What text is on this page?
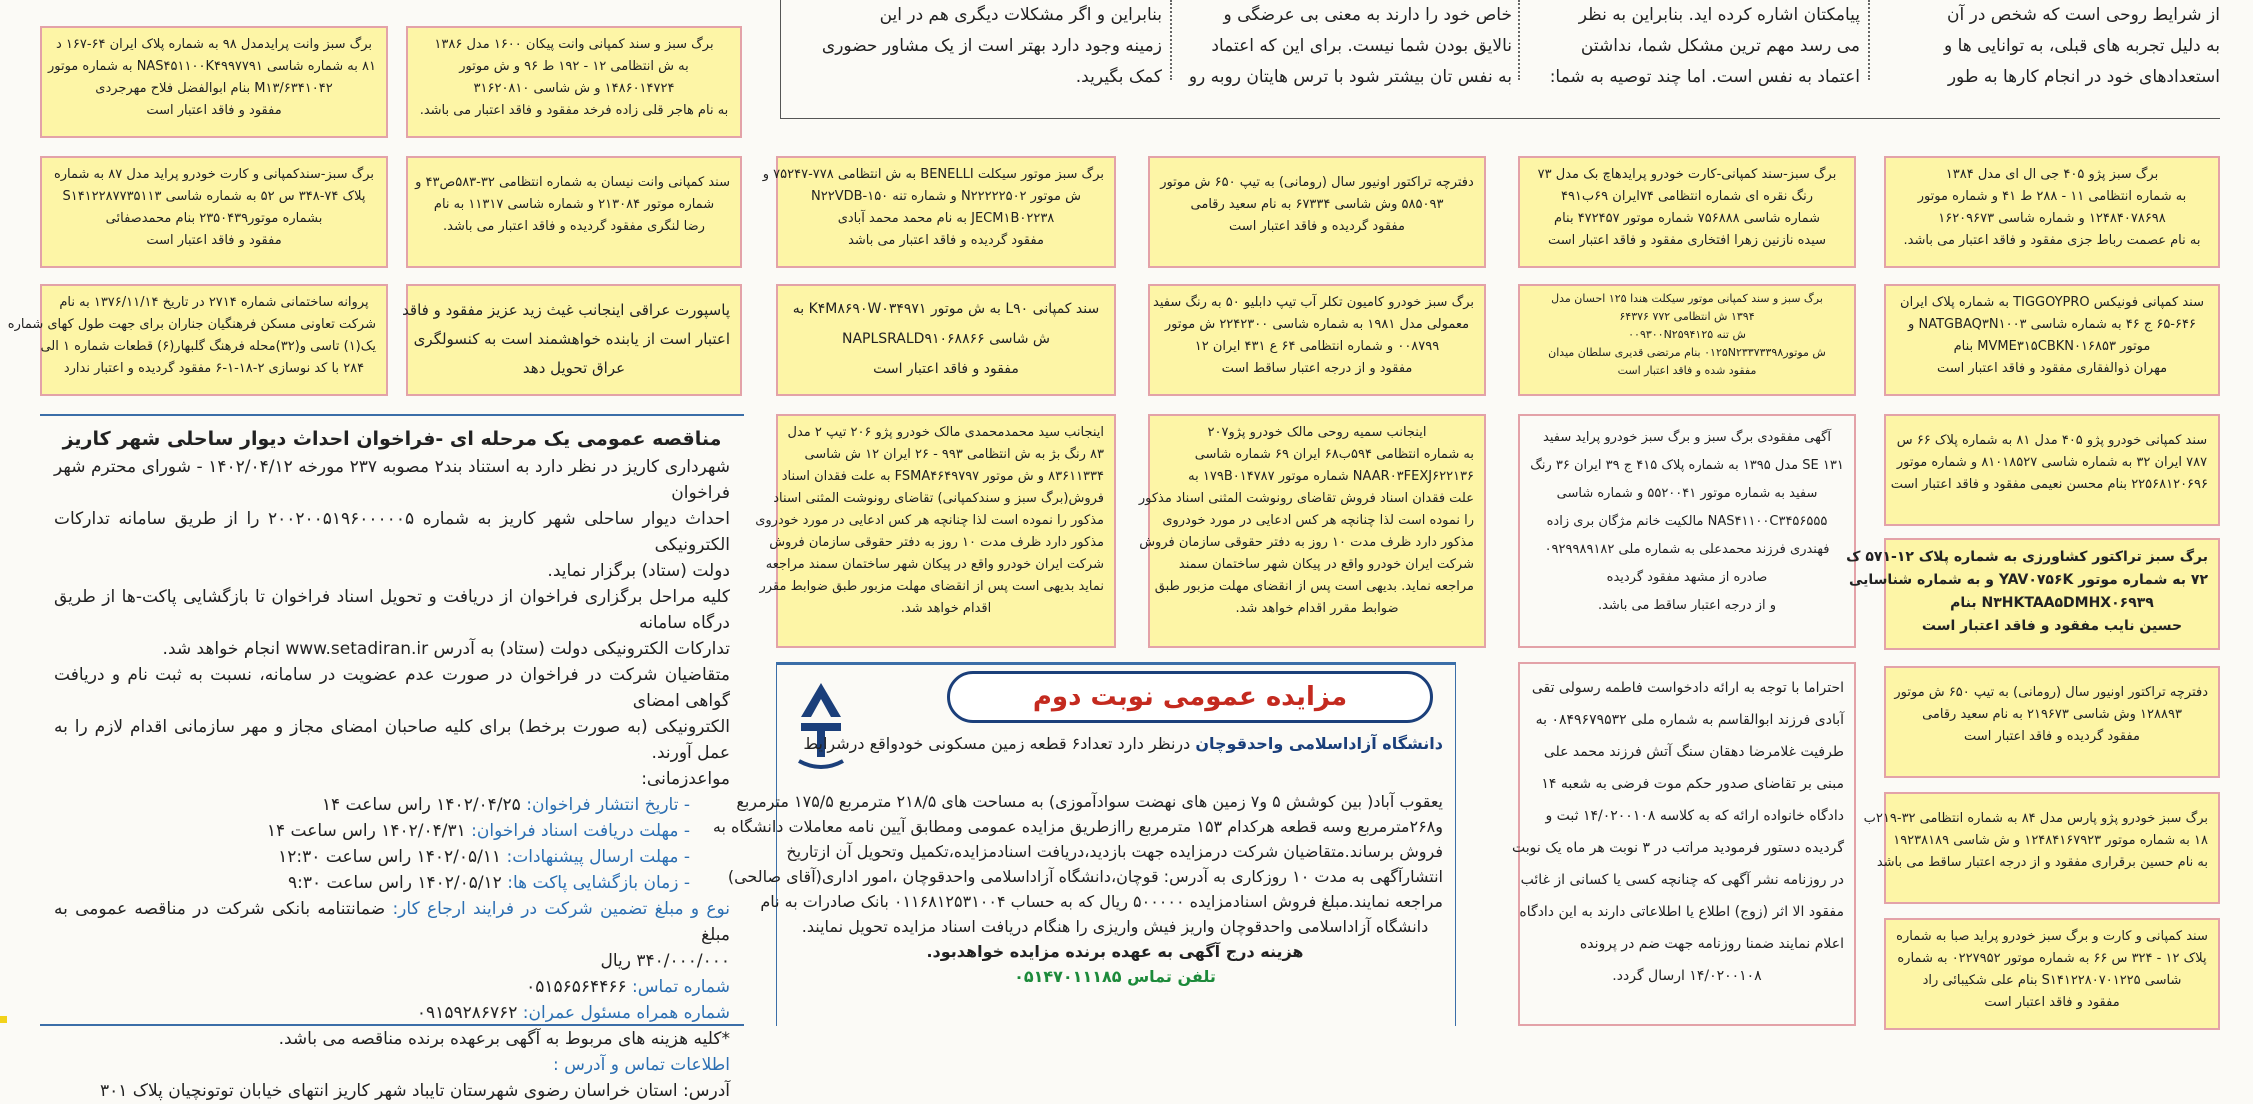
از شرایط روحی است که شخص در آن
به دلیل تجربه های قبلی، به توانایی ها و
استعدادهای خود در انجام کارها به طور
پیامکتان اشاره کرده اید. بنابراین به نظر
می رسد مهم ترین مشکل شما، نداشتن
اعتماد به نفس است. اما چند توصیه به شما:
خاص خود را دارند به معنی بی عرضگی و
نالایق بودن شما نیست. برای این که اعتماد
به نفس تان بیشتر شود با ترس هایتان روبه رو
بنابراین و اگر مشکلات دیگری هم در این
زمینه وجود دارد بهتر است از یک مشاور حضوری
کمک بگیرید.
برگ سبز وانت پرایدمدل ۹۸ به شماره پلاک ایران ۶۴-۱۶۷ د
۸۱ به شماره شاسی NAS۴۵۱۱۰۰K۴۹۹۷۷۹۱ به شماره موتور
M۱۳/۶۳۴۱۰۴۲ بنام ابوالفضل فلاح مهرجردی
مفقود و فاقد اعتبار است
برگ سبز و سند کمپانی وانت پیکان ۱۶۰۰ مدل ۱۳۸۶
به ش انتظامی ۱۲ - ۱۹۲ ط ۹۶ و ش موتور
۱۴۸۶۰۱۴۷۲۴ و ش شاسی ۳۱۶۲۰۸۱۰
به نام هاجر قلی زاده فرخد مفقود و فاقد اعتبار می باشد.
برگ سبز-سندکمپانی و کارت خودرو پراید مدل ۸۷ به شماره
پلاک ۷۴-۳۴۸ س ۵۲ به شماره شاسی S۱۴۱۲۲۸۷۷۳۵۱۱۳
بشماره موتور۲۳۵۰۴۳۹ بنام محمدصفائی
مفقود و فاقد اعتبار است
سند کمپانی وانت نیسان به شماره انتظامی ۳۲-۵۸۳ص۴۳ و
شماره موتور ۲۱۳۰۸۴ و شماره شاسی ۱۱۳۱۷ به نام
رضا لنگری مفقود گردیده و فاقد اعتبار می باشد.
پروانه ساختمانی شماره ۲۷۱۴ در تاریخ ۱۳۷۶/۱۱/۱۴ به نام
شرکت تعاونی مسکن فرهنگیان جناران برای جهت طول کهای شماره
یک(۱) تاسی و(۳۲)محله فرهنگ گلبهار(۶) قطعات شماره ۱ الی
۲۸۴ با کد نوسازی ۲-۱۸-۱-۶ مفقود گردیده و اعتبار ندارد
پاسپورت عراقی اینجانب غیث زید عزیز مفقود و فاقد
اعتبار است از یابنده خواهشمند است به کنسولگری
عراق تحویل دهد
برگ سبز موتور سیکلت BENELLI به ش انتظامی ۷۷۸-۷۵۲۴۷ و
ش موتور N۲۲۲۲۲۵۰۲ و شماره تنه N۲۲VDB-۱۵۰
JECM۱B۰۲۲۳۸ به نام محمد محمد آبادی
مفقود گردیده و فاقد اعتبار می باشد
دفترچه تراکتور اونیور سال (رومانی) به تیپ ۶۵۰ ش موتور
۵۸۵۰۹۳ وش شاسی ۶۷۳۳۴ به نام سعید رقامی
مفقود گردیده و فاقد اعتبار است
برگ سبز-سند کمپانی-کارت خودرو پرایدهاچ بک مدل ۷۳
رنگ نقره ای شماره انتظامی ۷۴ایران ۶۹ب۴۹۱
شماره شاسی ۷۵۶۸۸۸ شماره موتور ۴۷۲۴۵۷ بنام
سیده نازنین زهرا افتخاری مفقود و فاقد اعتبار است
برگ سبز پژو ۴۰۵ جی ال ای مدل ۱۳۸۴
به شماره انتظامی ۱۱ - ۲۸۸ ط ۴۱ و شماره موتور
۱۲۴۸۴۰۷۸۶۹۸ و شماره شاسی ۱۶۲۰۹۶۷۳
به نام عصمت رباط جزی مفقود و فاقد اعتبار می باشد.
سند کمپانی L۹۰ به ش موتور K۴M۸۶۹۰W۰۳۴۹۷۱ به
ش شاسی NAPLSRALD۹۱۰۶۸۸۶۶
مفقود و فاقد اعتبار است
برگ سبز خودرو کامیون تکلر آب تیپ دابلیو ۵۰ به رنگ سفید
معمولی مدل ۱۹۸۱ به شماره شاسی ۲۲۴۲۳۰۰ ش موتور
۰۰۸۷۹۹ و شماره انتظامی ۶۴ ع ۴۳۱ ایران ۱۲
مفقود و از درجه اعتبار ساقط است
برگ سبز و سند کمپانی موتور سیکلت هندا ۱۲۵ احسان مدل
۱۳۹۴ ش انتظامی ۷۷۲ ۶۴۳۷۶
ش تنه ۰۰۹۳۰۰N۲۵۹۴۱۲۵
ش موتور۰۱۲۵N۲۳۳۷۳۳۹۸ بنام مرتضی قدیری سلطان میدان
مفقود شده و فاقد اعتبار است
سند کمپانی فونیکس TIGGOYPRO به شماره پلاک ایران
۶۵-۶۴۶ ج ۴۶ به شماره شاسی NATGBAQ۳N۱۰۰۳ و
موتور MVME۳۱۵CBKN۰۱۶۸۵۳ بنام
مهران ذوالفقاری مفقود و فاقد اعتبار است
اینجانب سید محمدمحمدی مالک خودرو پژو ۲۰۶ تیپ ۲ مدل
۸۳ رنگ بژ به ش انتظامی ۹۹۳ - ۲۶ ایران ۱۲ ش شاسی
۸۳۶۱۱۳۳۴ و ش موتور FSMA۴۶۴۹۷۹۷ به علت فقدان اسناد
فروش(برگ سبز و سندکمپانی) تقاضای رونوشت المثنی اسناد
مذکور را نموده است لذا چنانچه هر کس ادعایی در مورد خودروی
مذکور دارد ظرف مدت ۱۰ روز به دفتر حقوقی سازمان فروش
شرکت ایران خودرو واقع در پیکان شهر ساختمان سمند مراجعه
نماید بدیهی است پس از انقضای مهلت مزبور طبق ضوابط مقرر
اقدام خواهد شد.
اینجانب سمیه روحی مالک خودرو پژو۲۰۷
به شماره انتظامی ۵۹۴ب۶۸ ایران ۶۹ شماره شاسی
NAAR۰۳FEXJ۶۲۲۱۳۶ شماره موتور ۱۷۹B۰۱۴۷۸۷ به
علت فقدان اسناد فروش تقاضای رونوشت المثنی اسناد مذکور
را نموده است لذا چنانچه هر کس ادعایی در مورد خودروی
مذکور دارد ظرف مدت ۱۰ روز به دفتر حقوقی سازمان فروش
شرکت ایران خودرو واقع در پیکان شهر ساختمان سمند
مراجعه نماید. بدیهی است پس از انقضای مهلت مزبور طبق
ضوابط مقرر اقدام خواهد شد.
آگهی مفقودی برگ سبز و برگ سبز خودرو پراید سفید
SE ۱۳۱ مدل ۱۳۹۵ به شماره پلاک ۴۱۵ ج ۳۹ ایران ۳۶ رنگ
سفید به شماره موتور ۵۵۲۰۰۴۱ و شماره شاسی
NAS۴۱۱۰۰C۳۴۵۶۵۵۵ مالکیت خانم مژگان بری زاده
فهندری فرزند محمدعلی به شماره ملی ۰۹۲۹۹۸۹۱۸۲
صادره از مشهد مفقود گردیده
و از درجه اعتبار ساقط می باشد.
سند کمپانی خودرو پژو ۴۰۵ مدل ۸۱ به شماره پلاک ۶۶ س
۷۸۷ ایران ۳۲ به شماره شاسی ۸۱۰۱۸۵۲۷ و شماره موتور
۲۲۵۶۸۱۲۰۶۹۶ بنام محسن نعیمی مفقود و فاقد اعتبار است
برگ سبز تراکتور کشاورزی به شماره پلاک ۱۲-۵۷۱ ک
۷۲ به شماره موتور YAV۰۷۵۶K و به شماره شناسایی
N۳HKTAA۵DMHX۰۶۹۳۹ بنام
حسین نایب مفقود و فاقد اعتبار است
دفترچه تراکتور اونیور سال (رومانی) به تیپ ۶۵۰ ش موتور
۱۲۸۸۹۳ وش شاسی ۲۱۹۶۷۳ به نام سعید رقامی
مفقود گردیده و فاقد اعتبار است
برگ سبز خودرو پژو پارس مدل ۸۴ به شماره انتظامی ۳۲-۲۱۹ب
۱۸ به شماره موتور ۱۲۴۸۴۱۶۷۹۲۳ و ش شاسی ۱۹۲۳۸۱۸۹
به نام حسین برقراری مفقود و از درجه اعتبار ساقط می باشد
سند کمپانی و کارت و برگ سبز خودرو پراید صبا به شماره
پلاک ۱۲ - ۳۲۴ س ۶۶ به شماره موتور ۰۲۲۷۹۵۲ به شماره
شاسی S۱۴۱۲۲۸۰۷۰۱۲۲۵ بنام علی شکیبائی راد
مفقود و فاقد اعتبار است
احتراما با توجه به ارائه دادخواست فاطمه رسولی تقی
آبادی فرزند ابوالقاسم به شماره ملی ۰۸۴۹۶۷۹۵۳۲ به
طرفیت غلامرضا دهقان سنگ آتش فرزند محمد علی
مبنی بر تقاضای صدور حکم موت فرضی به شعبه ۱۴
دادگاه خانواده ارائه که به کلاسه ۱۴/۰۲۰۰۱۰۸ ثبت و
گردیده دستور فرمودید مراتب در ۳ نوبت هر ماه یک نوبت
در روزنامه نشر آگهی که چنانچه کسی یا کسانی از غائب
مفقود الا اثر (زوج) اطلاع یا اطلاعاتی دارند به این دادگاه
اعلام نمایند ضمنا روزنامه جهت ضم در پرونده
۱۴/۰۲۰۰۱۰۸ ارسال گردد.
مناقصه عمومی یک مرحله ای -فراخوان احداث دیوار ساحلی شهر کاریز
شهرداری کاریز در نظر دارد به استناد بند۲ مصوبه ۲۳۷ مورخه ۱۴۰۲/۰۴/۱۲ - شورای محترم شهر فراخوان
احداث دیوار ساحلی شهر کاریز به شماره ۲۰۰۲۰۰۵۱۹۶۰۰۰۰۰۵ را از طریق سامانه تدارکات الکترونیکی
دولت (ستاد) برگزار نماید.
کلیه مراحل برگزاری فراخوان از دریافت و تحویل اسناد فراخوان تا بازگشایی پاکت-ها از طریق درگاه سامانه
تدارکات الکترونیکی دولت (ستاد) به آدرس www.setadiran.ir انجام خواهد شد.
متقاضیان شرکت در فراخوان در صورت عدم عضویت در سامانه، نسبت به ثبت نام و دریافت گواهی امضای
الکترونیکی (به صورت برخط) برای کلیه صاحبان امضای مجاز و مهر سازمانی اقدام لازم را به عمل آورند.
مواعدزمانی:
- تاریخ انتشار فراخوان: ۱۴۰۲/۰۴/۲۵ راس ساعت ۱۴
- مهلت دریافت اسناد فراخوان: ۱۴۰۲/۰۴/۳۱ راس ساعت ۱۴
- مهلت ارسال پیشنهادات: ۱۴۰۲/۰۵/۱۱ راس ساعت ۱۲:۳۰
- زمان بازگشایی پاکت ها: ۱۴۰۲/۰۵/۱۲ راس ساعت ۹:۳۰
نوع و مبلغ تضمین شرکت در فرایند ارجاع کار: ضمانتنامه بانکی شرکت در مناقصه عمومی به مبلغ
۳۴۰/۰۰۰/۰۰۰ ریال
شماره تماس: ۰۵۱۵۶۵۶۴۴۶۶
شماره همراه مسئول عمران: ۰۹۱۵۹۲۸۶۷۶۲
*کلیه هزینه های مربوط به آگهی برعهده برنده مناقصه می باشد.
اطلاعات تماس و آدرس :
آدرس: استان خراسان رضوی شهرستان تایباد شهر کاریز انتهای خیابان توتونچیان پلاک ۳۰۱
مزایده عمومی نوبت دوم
دانشگاه آزاداسلامی واحدقوچان درنظر دارد تعداد۶ قطعه زمین مسکونی خودواقع درشرایط
یعقوب آباد( بین کوشش ۵ و۷ زمین های نهضت سوادآموزی) به مساحت های ۲۱۸/۵ مترمربع ۱۷۵/۵ مترمربع
و۲۶۸مترمربع وسه قطعه هرکدام ۱۵۳ مترمربع راازطریق مزایده عمومی ومطابق آیین نامه معاملات دانشگاه به
فروش برساند.متقاضیان شرکت درمزایده جهت بازدید،دریافت اسنادمزایده،تکمیل وتحویل آن ازتاریخ
انتشارآگهی به مدت ۱۰ روزکاری به آدرس: قوچان،دانشگاه آزاداسلامی واحدقوچان ،امور اداری(آقای صالحی)
مراجعه نمایند.مبلغ فروش اسنادمزایده ۵۰۰۰۰۰ ریال که به حساب ۰۱۱۶۸۱۲۵۳۱۰۰۴ بانک صادرات به نام
دانشگاه آزاداسلامی واحدقوچان واریز فیش واریزی را هنگام دریافت اسناد مزایده تحویل نمایند.
هزینه درج آگهی به عهده برنده مزایده خواهدبود.
تلفن تماس ۰۵۱۴۷۰۱۱۱۸۵
